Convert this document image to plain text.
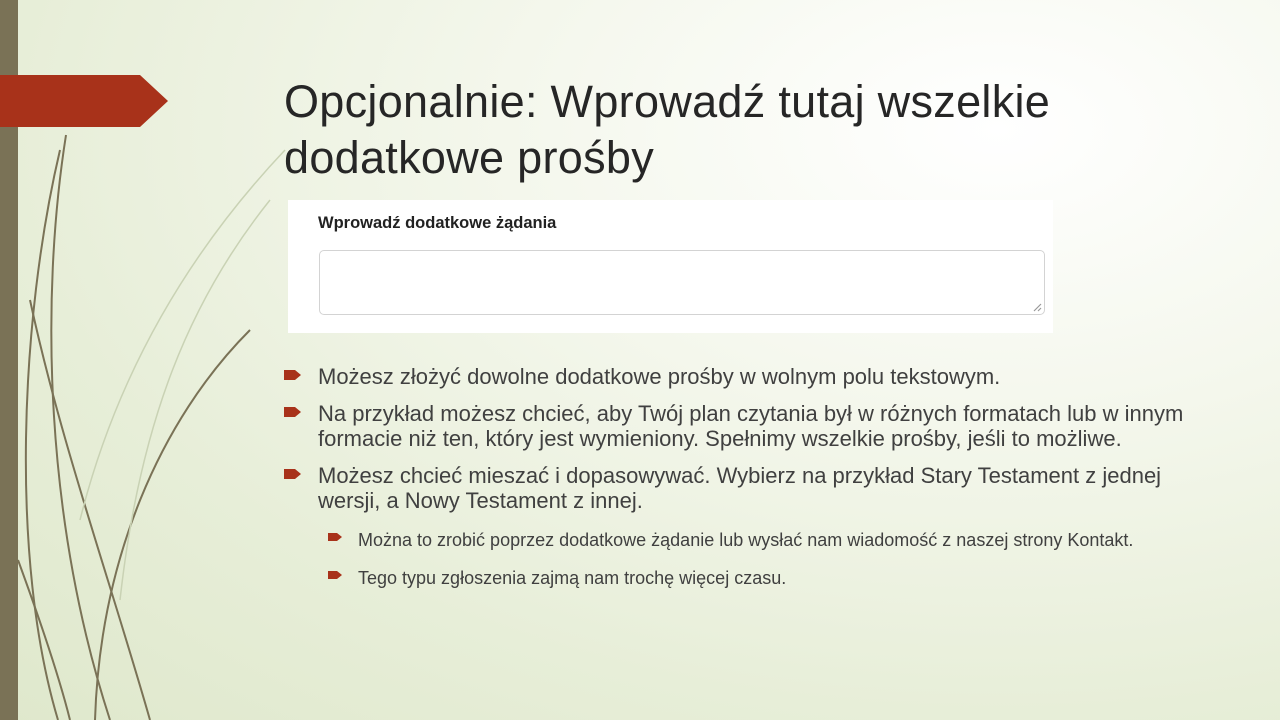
Opcjonalnie: Wprowadź tutaj wszelkie dodatkowe prośby
Wprowadź dodatkowe żądania
Możesz złożyć dowolne dodatkowe prośby w wolnym polu tekstowym.
Na przykład możesz chcieć, aby Twój plan czytania był w różnych formatach lub w innym formacie niż ten, który jest wymieniony. Spełnimy wszelkie prośby, jeśli to możliwe.
Możesz chcieć mieszać i dopasowywać. Wybierz na przykład Stary Testament z jednej wersji, a Nowy Testament z innej.
Można to zrobić poprzez dodatkowe żądanie lub wysłać nam wiadomość z naszej strony Kontakt.
Tego typu zgłoszenia zajmą nam trochę więcej czasu.
